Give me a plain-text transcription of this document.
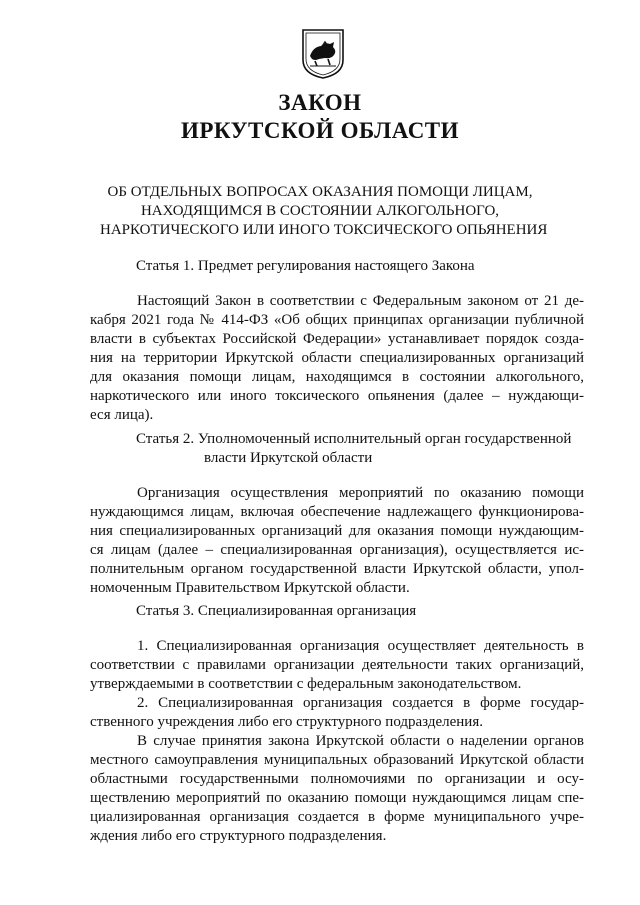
ЗАКОН
ИРКУТСКОЙ ОБЛАСТИ
ОБ ОТДЕЛЬНЫХ ВОПРОСАХ ОКАЗАНИЯ ПОМОЩИ ЛИЦАМ,
НАХОДЯЩИМСЯ В СОСТОЯНИИ АЛКОГОЛЬНОГО,
НАРКОТИЧЕСКОГО ИЛИ ИНОГО ТОКСИЧЕСКОГО ОПЬЯНЕНИЯ
Статья 1. Предмет регулирования настоящего Закона
Настоящий Закон в соответствии с Федеральным законом от 21 де-
кабря 2021 года № 414-ФЗ «Об общих принципах организации публичной
власти в субъектах Российской Федерации» устанавливает порядок созда-
ния на территории Иркутской области специализированных организаций
для оказания помощи лицам, находящимся в состоянии алкогольного,
наркотического или иного токсического опьянения (далее – нуждающи-
еся лица).
Статья 2. Уполномоченный исполнительный орган государственной
власти Иркутской области
Организация осуществления мероприятий по оказанию помощи
нуждающимся лицам, включая обеспечение надлежащего функционирова-
ния специализированных организаций для оказания помощи нуждающим-
ся лицам (далее – специализированная организация), осуществляется ис-
полнительным органом государственной власти Иркутской области, упол-
номоченным Правительством Иркутской области.
Статья 3. Специализированная организация
1. Специализированная организация осуществляет деятельность в
соответствии с правилами организации деятельности таких организаций,
утверждаемыми в соответствии с федеральным законодательством.
2. Специализированная организация создается в форме государ-
ственного учреждения либо его структурного подразделения.
В случае принятия закона Иркутской области о наделении органов
местного самоуправления муниципальных образований Иркутской области
областными государственными полномочиями по организации и осу-
ществлению мероприятий по оказанию помощи нуждающимся лицам спе-
циализированная организация создается в форме муниципального учре-
ждения либо его структурного подразделения.
